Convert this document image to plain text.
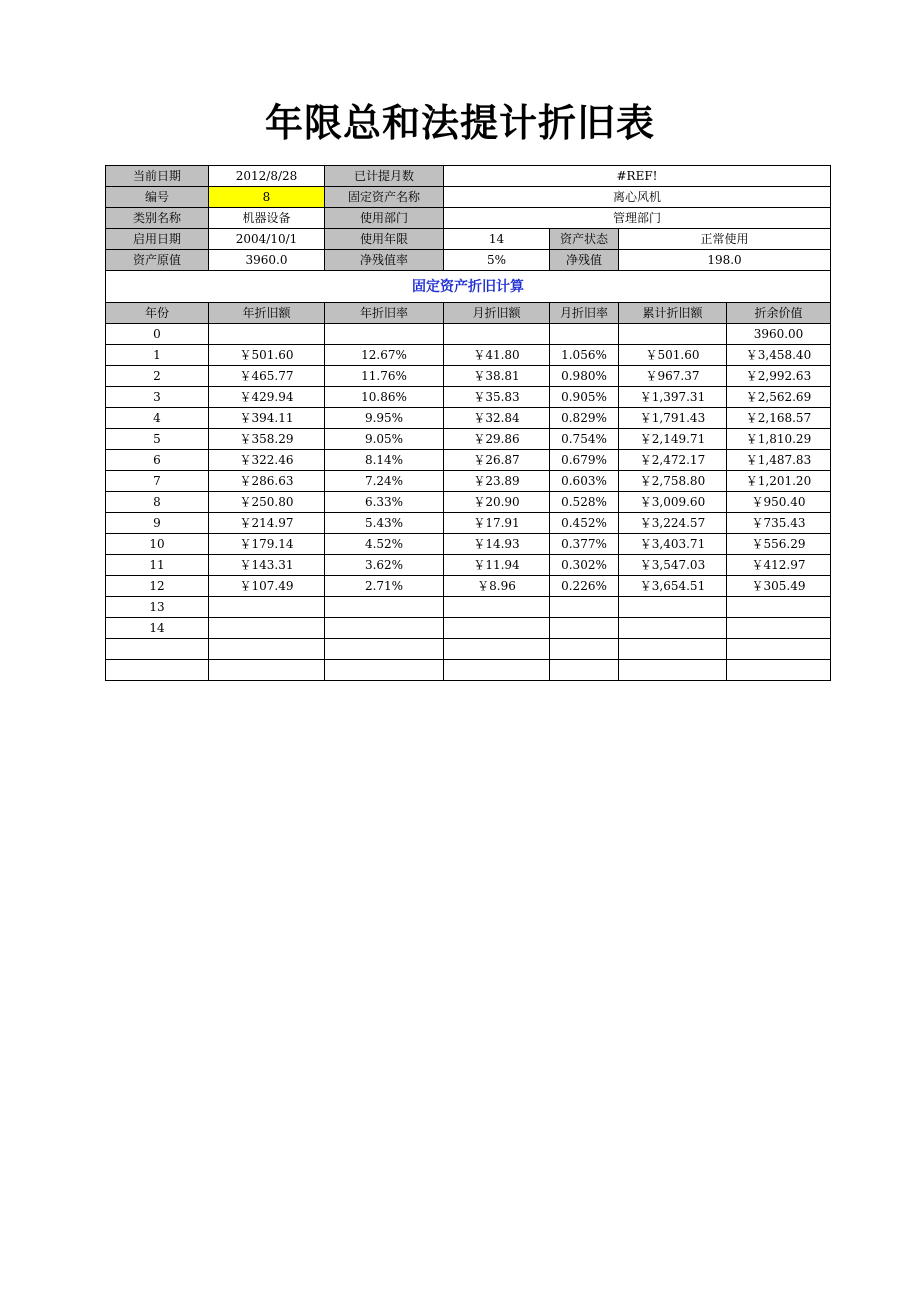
年限总和法提计折旧表
当前日期	2012/8/28	已计提月数	#REF!			
编号	8	固定资产名称	离心风机			
类别名称	机器设备	使用部门	管理部门			
启用日期	2004/10/1	使用年限	14	资产状态	正常使用	
资产原值	3960.0	净残值率	5%	净残值	198.0	
固定资产折旧计算						
年份	年折旧额	年折旧率	月折旧额	月折旧率	累计折旧额	折余价值
0						3960.00
1	￥501.60	12.67%	￥41.80	1.056%	￥501.60	￥3,458.40
2	￥465.77	11.76%	￥38.81	0.980%	￥967.37	￥2,992.63
3	￥429.94	10.86%	￥35.83	0.905%	￥1,397.31	￥2,562.69
4	￥394.11	9.95%	￥32.84	0.829%	￥1,791.43	￥2,168.57
5	￥358.29	9.05%	￥29.86	0.754%	￥2,149.71	￥1,810.29
6	￥322.46	8.14%	￥26.87	0.679%	￥2,472.17	￥1,487.83
7	￥286.63	7.24%	￥23.89	0.603%	￥2,758.80	￥1,201.20
8	￥250.80	6.33%	￥20.90	0.528%	￥3,009.60	￥950.40
9	￥214.97	5.43%	￥17.91	0.452%	￥3,224.57	￥735.43
10	￥179.14	4.52%	￥14.93	0.377%	￥3,403.71	￥556.29
11	￥143.31	3.62%	￥11.94	0.302%	￥3,547.03	￥412.97
12	￥107.49	2.71%	￥8.96	0.226%	￥3,654.51	￥305.49
13						
14						
